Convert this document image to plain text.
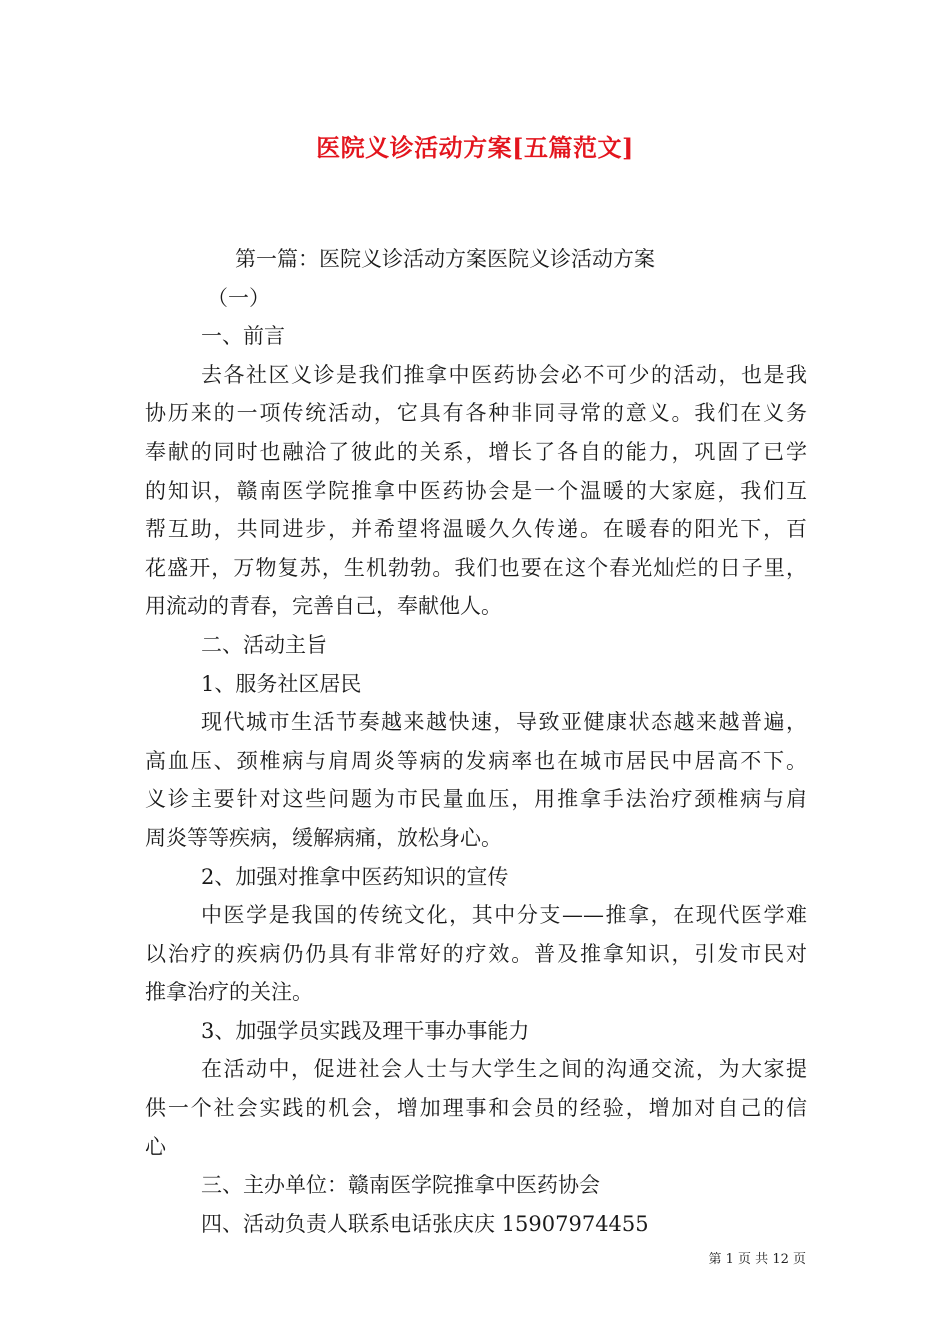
医院义诊活动方案[五篇范文]
第一篇：医院义诊活动方案医院义诊活动方案
（一）
一、前言
去各社区义诊是我们推拿中医药协会必不可少的活动，也是我
协历来的一项传统活动，它具有各种非同寻常的意义。我们在义务
奉献的同时也融洽了彼此的关系，增长了各自的能力，巩固了已学
的知识，赣南医学院推拿中医药协会是一个温暖的大家庭，我们互
帮互助，共同进步，并希望将温暖久久传递。在暖春的阳光下，百
花盛开，万物复苏，生机勃勃。我们也要在这个春光灿烂的日子里，
用流动的青春，完善自己，奉献他人。
二、活动主旨
1、服务社区居民
现代城市生活节奏越来越快速，导致亚健康状态越来越普遍，
高血压、颈椎病与肩周炎等病的发病率也在城市居民中居高不下。
义诊主要针对这些问题为市民量血压，用推拿手法治疗颈椎病与肩
周炎等等疾病，缓解病痛，放松身心。
2、加强对推拿中医药知识的宣传
中医学是我国的传统文化，其中分支——推拿，在现代医学难
以治疗的疾病仍仍具有非常好的疗效。普及推拿知识，引发市民对
推拿治疗的关注。
3、加强学员实践及理干事办事能力
在活动中，促进社会人士与大学生之间的沟通交流，为大家提
供一个社会实践的机会，增加理事和会员的经验，增加对自己的信
心
三、主办单位：赣南医学院推拿中医药协会
四、活动负责人联系电话张庆庆 15907974455
第 1 页 共 12 页
